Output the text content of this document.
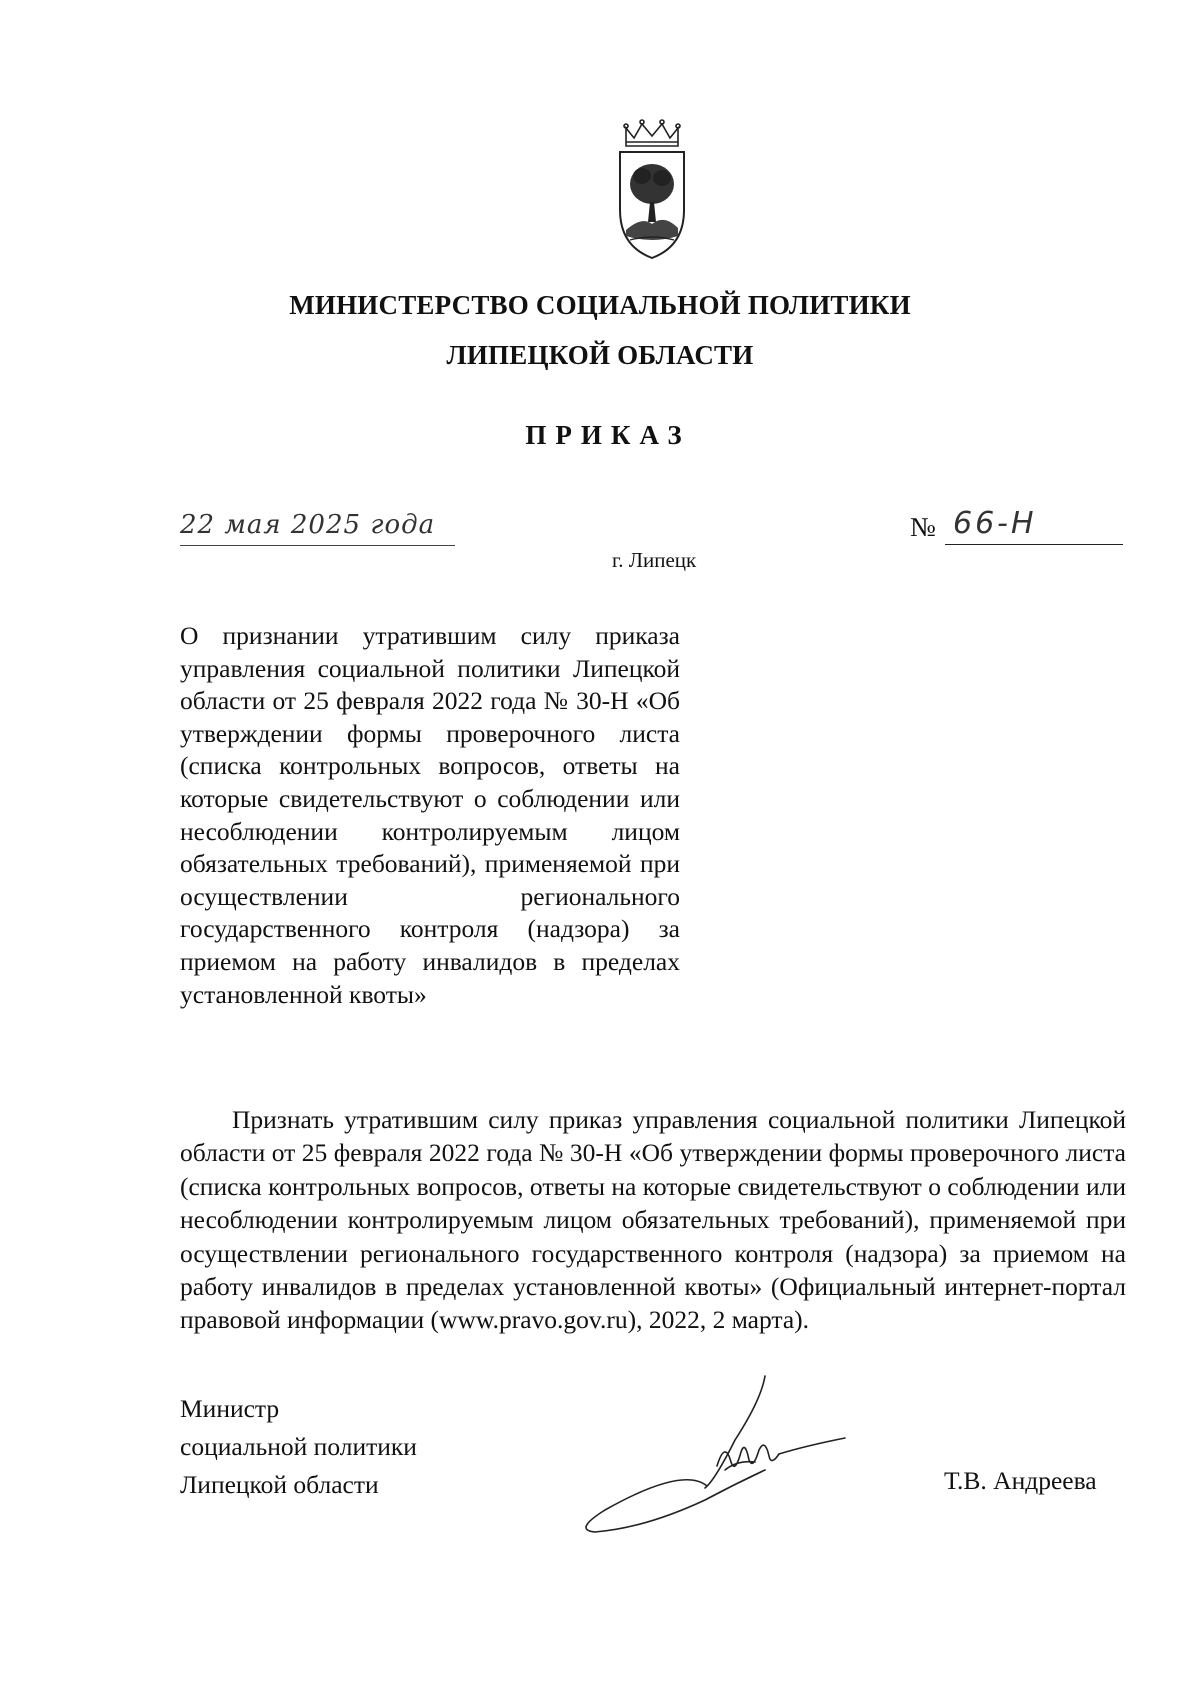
МИНИСТЕРСТВО СОЦИАЛЬНОЙ ПОЛИТИКИ
ЛИПЕЦКОЙ ОБЛАСТИ
ПРИКАЗ
22 мая 2025 года
г. Липецк
№ 66-Н
О признании утратившим силу приказа управления социальной политики Липецкой области от 25 февраля 2022 года № 30-Н «Об утверждении формы проверочного листа (списка контрольных вопросов, ответы на которые свидетельствуют о соблюдении или несоблюдении контролируемым лицом обязательных требований), применяемой при осуществлении регионального государственного контроля (надзора) за приемом на работу инвалидов в пределах установленной квоты»
Признать утратившим силу приказ управления социальной политики Липецкой области от 25 февраля 2022 года № 30-Н «Об утверждении формы проверочного листа (списка контрольных вопросов, ответы на которые свидетельствуют о соблюдении или несоблюдении контролируемым лицом обязательных требований), применяемой при осуществлении регионального государственного контроля (надзора) за приемом на работу инвалидов в пределах установленной квоты» (Официальный интернет-портал правовой информации (www.pravo.gov.ru), 2022, 2 марта).
Министр
социальной политики
Липецкой области	Т.В. Андреева
